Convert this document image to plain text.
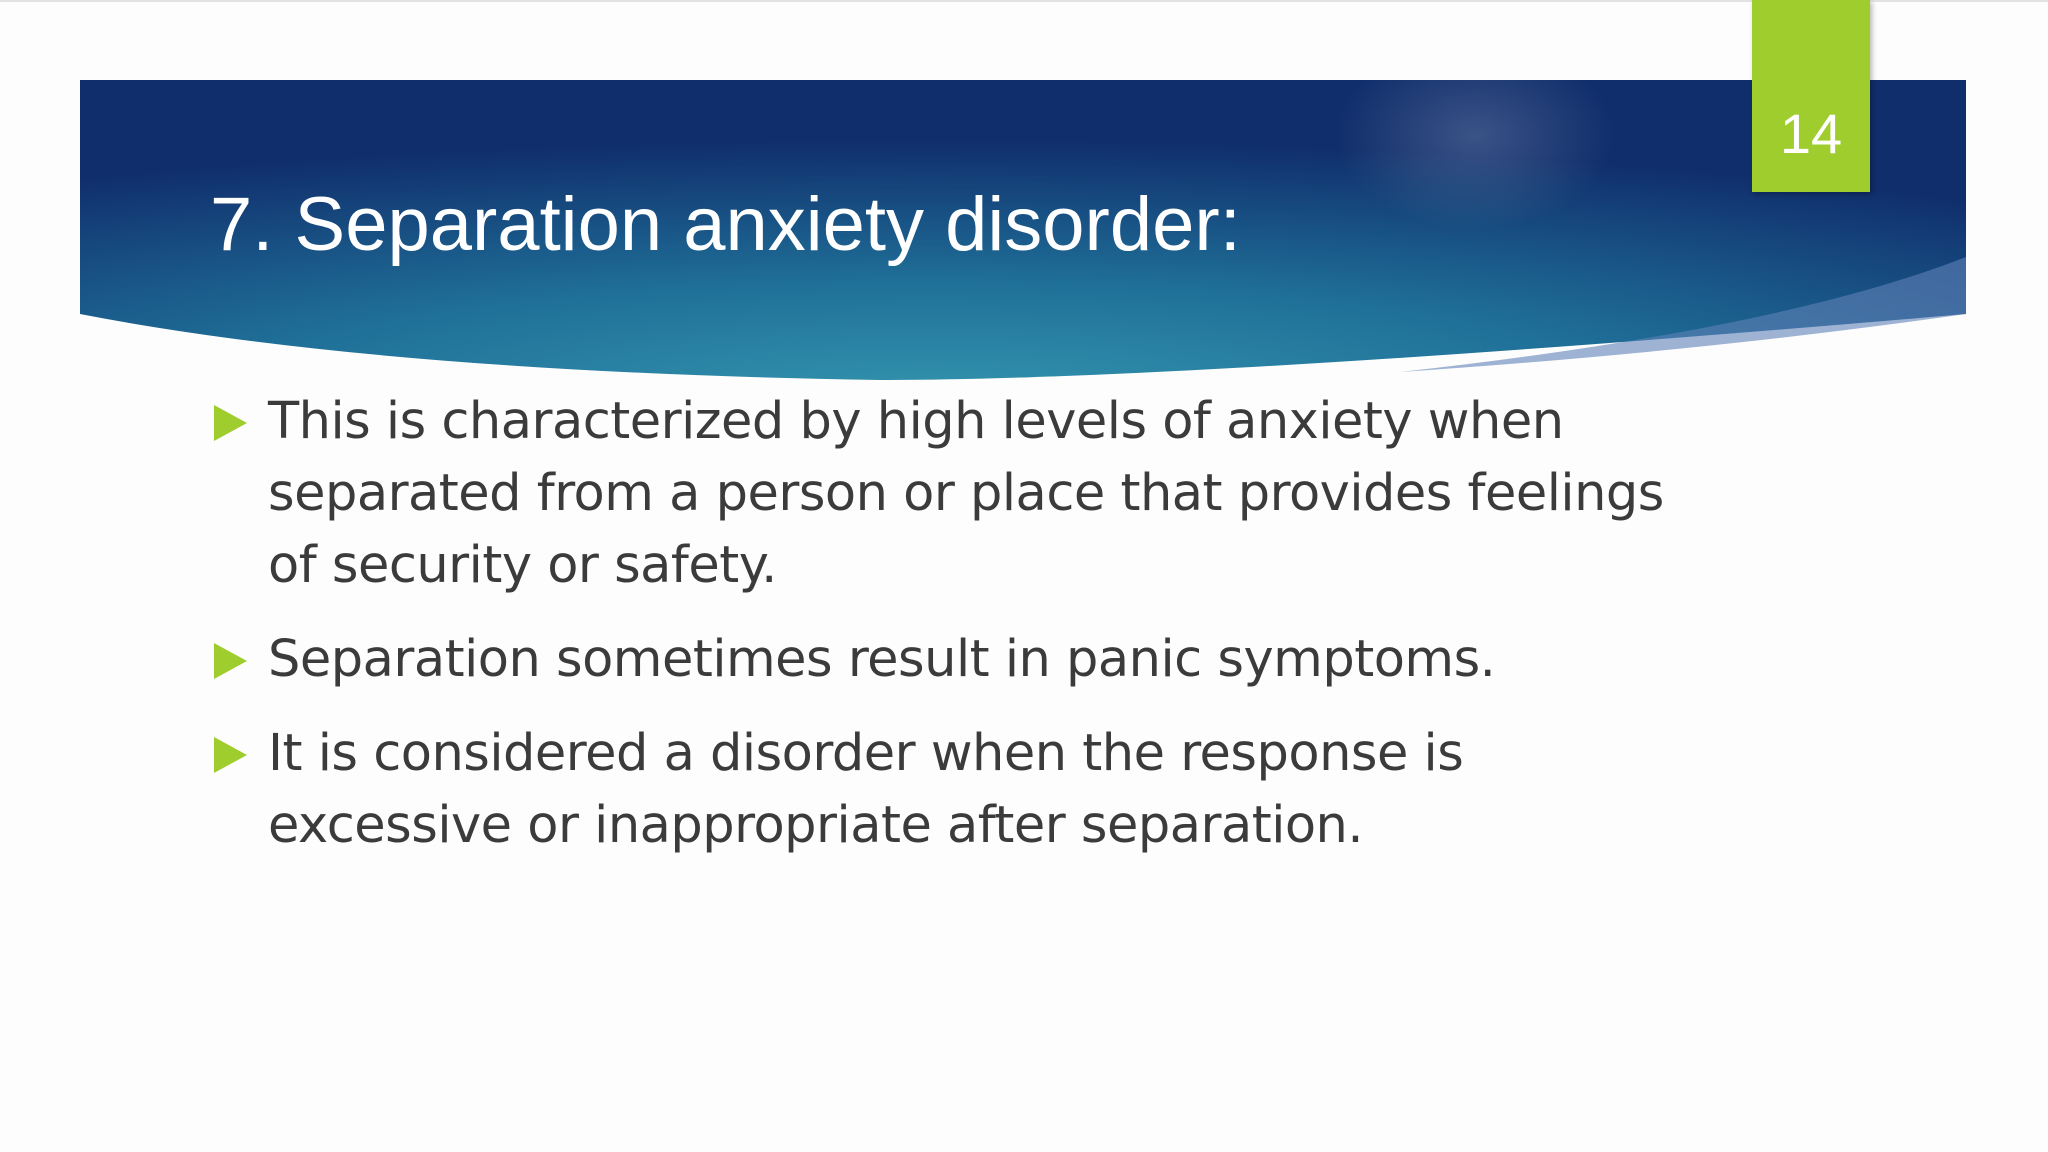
7. Separation anxiety disorder:
14
This is characterized by high levels of anxiety when separated from a person or place that provides feelings of security or safety.
Separation sometimes result in panic symptoms.
It is considered a disorder when the response is excessive or inappropriate after separation.
